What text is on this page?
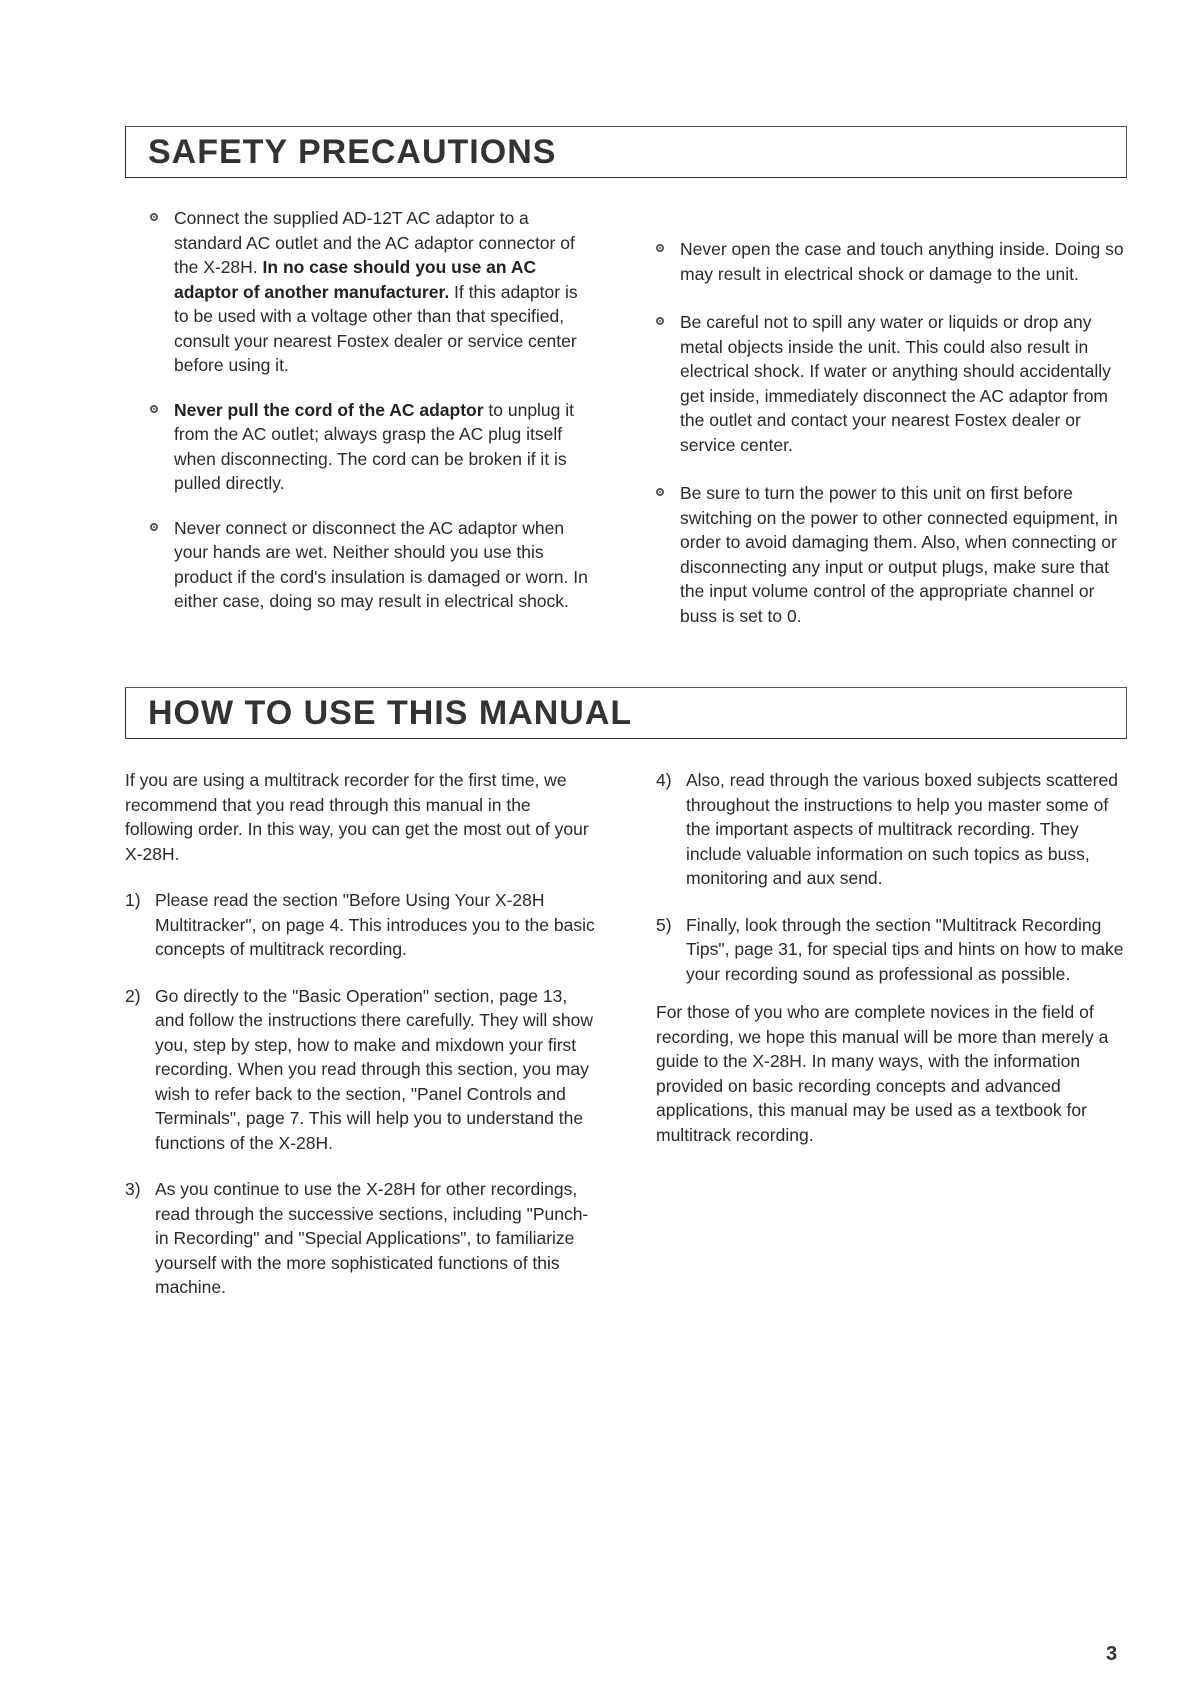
SAFETY PRECAUTIONS

Connect the supplied AD-12T AC adaptor to a standard AC outlet and the AC adaptor connector of the X-28H. In no case should you use an AC adaptor of another manufacturer. If this adaptor is to be used with a voltage other than that specified, consult your nearest Fostex dealer or service center before using it.

Never pull the cord of the AC adaptor to unplug it from the AC outlet; always grasp the AC plug itself when disconnecting. The cord can be broken if it is pulled directly.

Never connect or disconnect the AC adaptor when your hands are wet. Neither should you use this product if the cord's insulation is damaged or worn. In either case, doing so may result in electrical shock.

Never open the case and touch anything inside. Doing so may result in electrical shock or damage to the unit.

Be careful not to spill any water or liquids or drop any metal objects inside the unit. This could also result in electrical shock. If water or anything should accidentally get inside, immediately disconnect the AC adaptor from the outlet and contact your nearest Fostex dealer or service center.

Be sure to turn the power to this unit on first before switching on the power to other connected equipment, in order to avoid damaging them. Also, when connecting or disconnecting any input or output plugs, make sure that the input volume control of the appropriate channel or buss is set to 0.

HOW TO USE THIS MANUAL

If you are using a multitrack recorder for the first time, we recommend that you read through this manual in the following order. In this way, you can get the most out of your X-28H.

1) Please read the section "Before Using Your X-28H Multitracker", on page 4. This introduces you to the basic concepts of multitrack recording.

2) Go directly to the "Basic Operation" section, page 13, and follow the instructions there carefully. They will show you, step by step, how to make and mixdown your first recording. When you read through this section, you may wish to refer back to the section, "Panel Controls and Terminals", page 7. This will help you to understand the functions of the X-28H.

3) As you continue to use the X-28H for other recordings, read through the successive sections, including "Punch-in Recording" and "Special Applications", to familiarize yourself with the more sophisticated functions of this machine.

4) Also, read through the various boxed subjects scattered throughout the instructions to help you master some of the important aspects of multitrack recording. They include valuable information on such topics as buss, monitoring and aux send.

5) Finally, look through the section "Multitrack Recording Tips", page 31, for special tips and hints on how to make your recording sound as professional as possible.

For those of you who are complete novices in the field of recording, we hope this manual will be more than merely a guide to the X-28H. In many ways, with the information provided on basic recording concepts and advanced applications, this manual may be used as a textbook for multitrack recording.

3
